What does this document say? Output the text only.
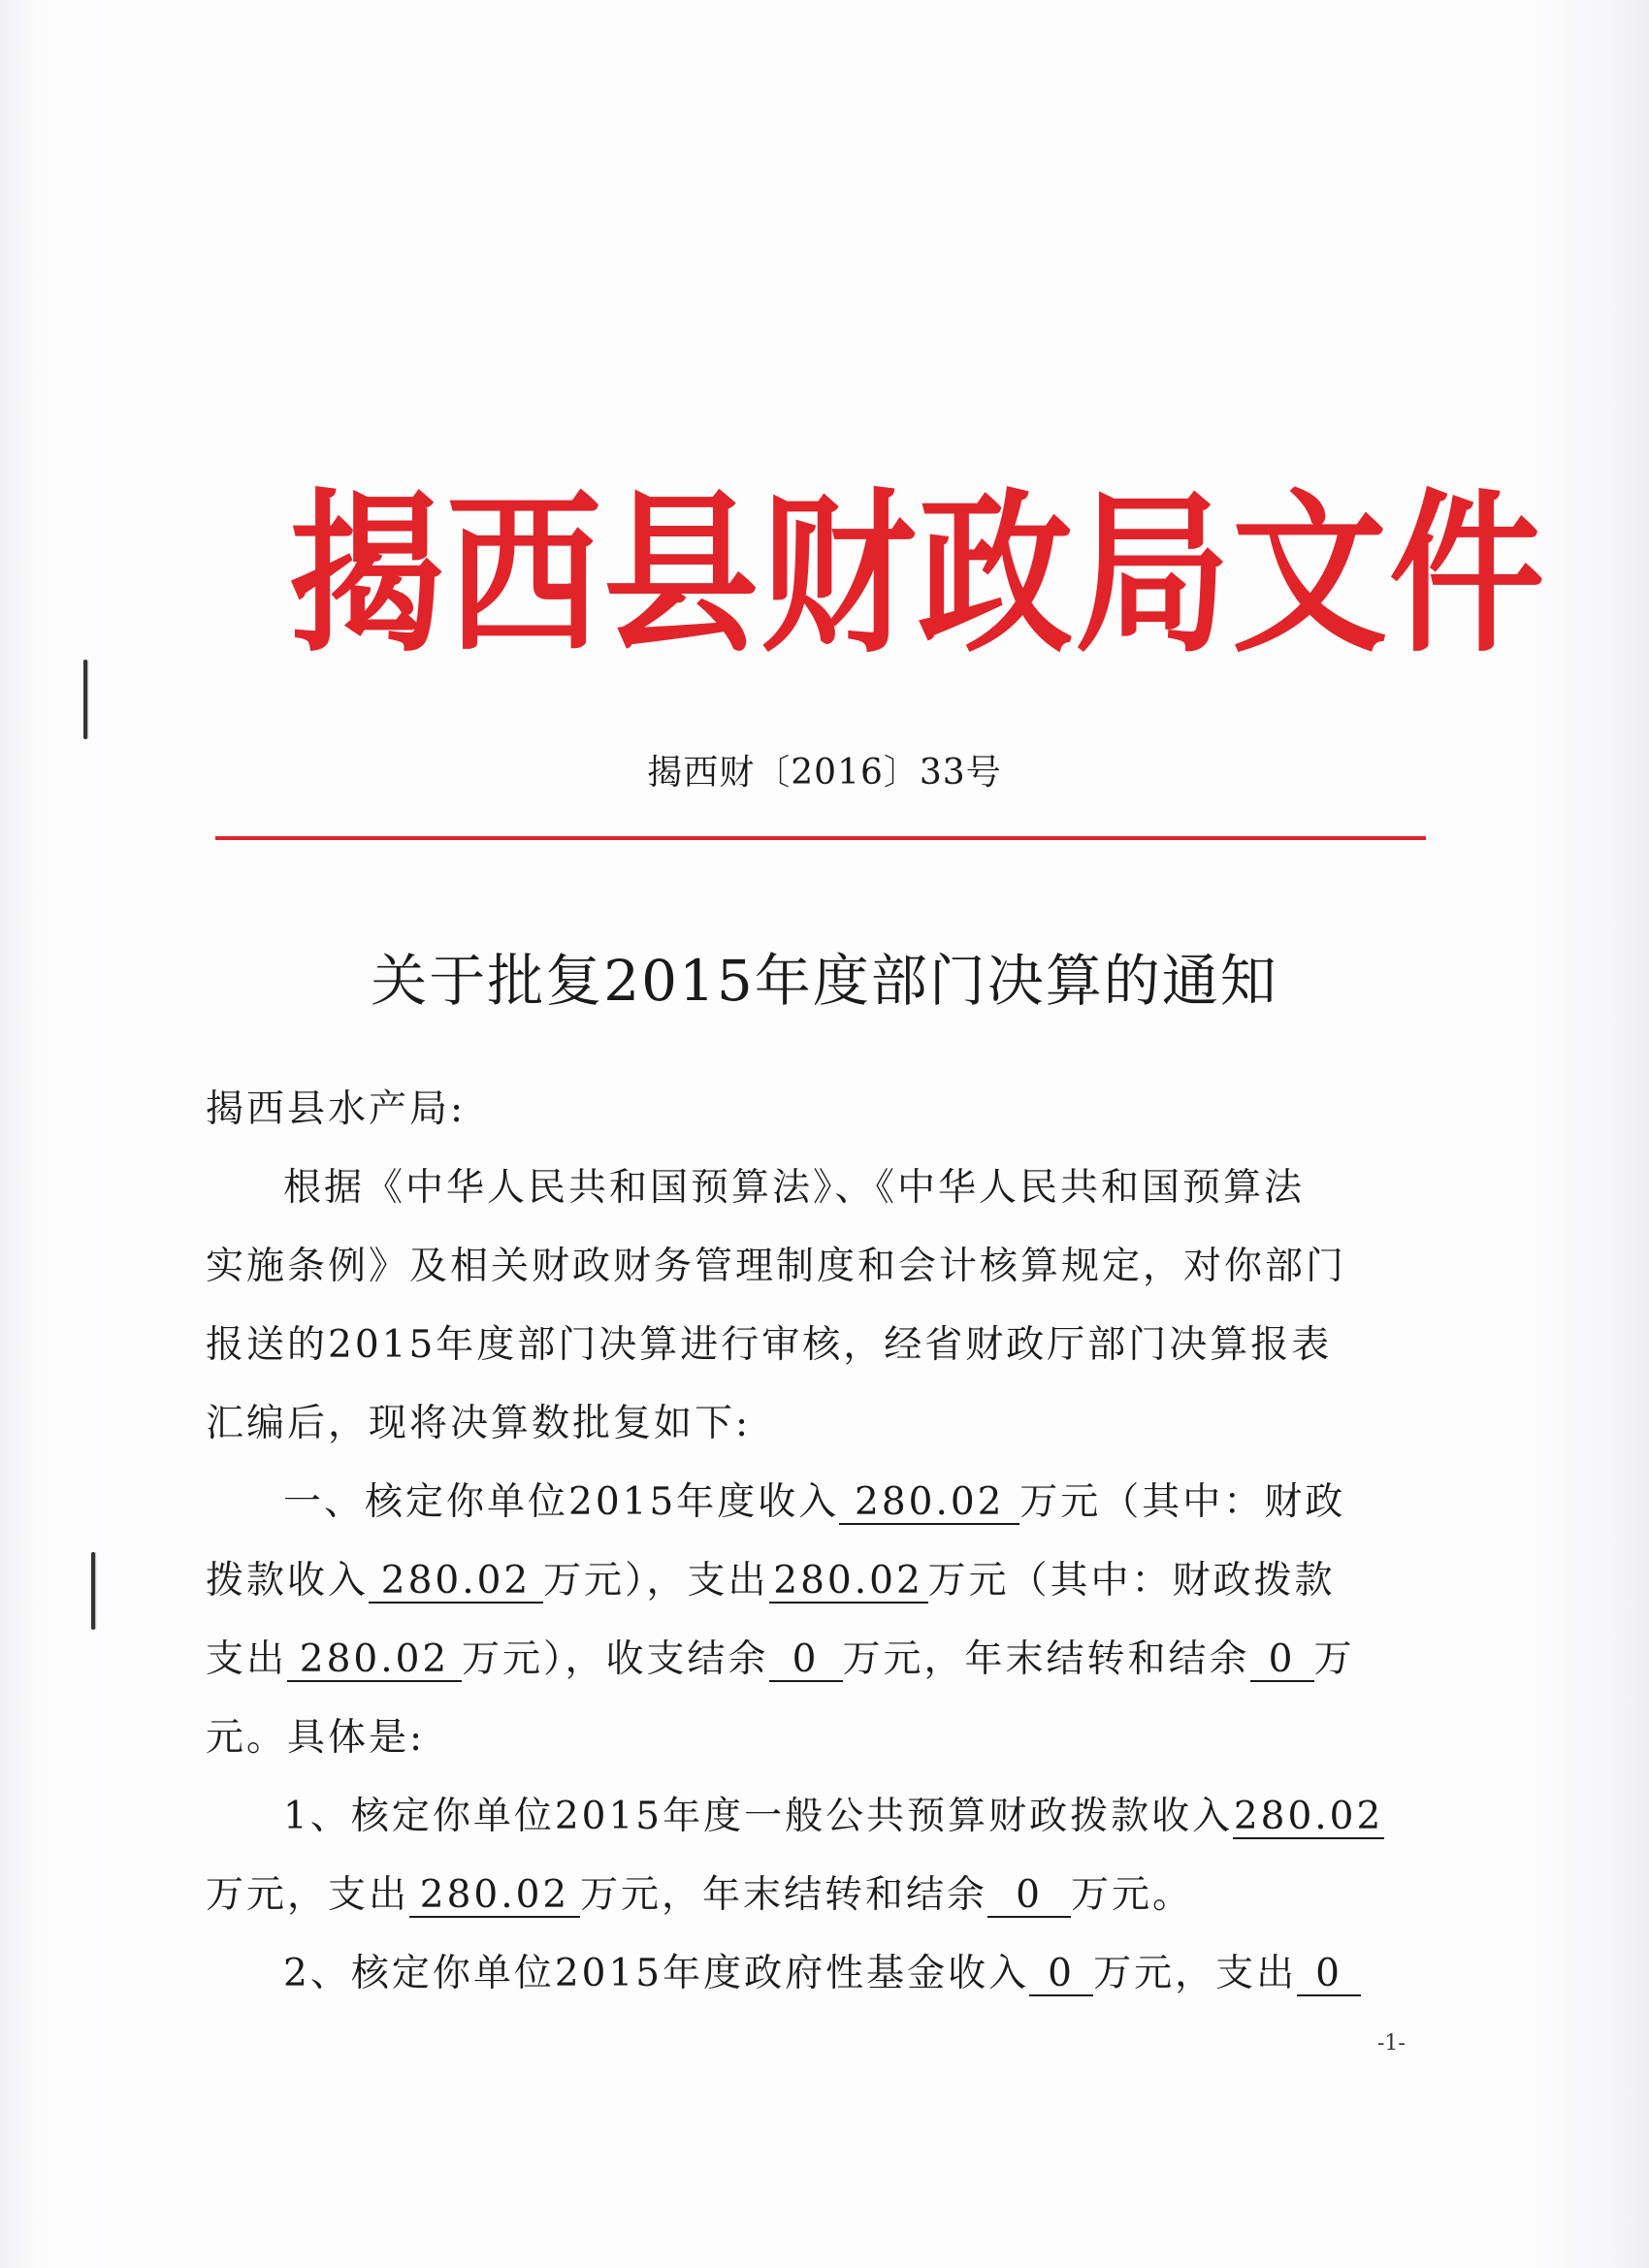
揭西县财政局文件
揭西财〔2016〕33号
关于批复2015年度部门决算的通知
揭西县水产局:
根据《中华人民共和国预算法》、《中华人民共和国预算法
实施条例》及相关财政财务管理制度和会计核算规定，对你部门
报送的2015年度部门决算进行审核，经省财政厅部门决算报表
汇编后，现将决算数批复如下:
一、核定你单位2015年度收入 280.02 万元（其中：财政
拨款收入 280.02 万元），支出 280.02 万元（其中：财政拨款
支出 280.02 万元），收支结余 0 万元，年末结转和结余 0 万
元。具体是:
1、核定你单位2015年度一般公共预算财政拨款收入280.02
万元，支出 280.02 万元，年末结转和结余 0 万元。
2、核定你单位2015年度政府性基金收入 0 万元，支出 0
-1-
